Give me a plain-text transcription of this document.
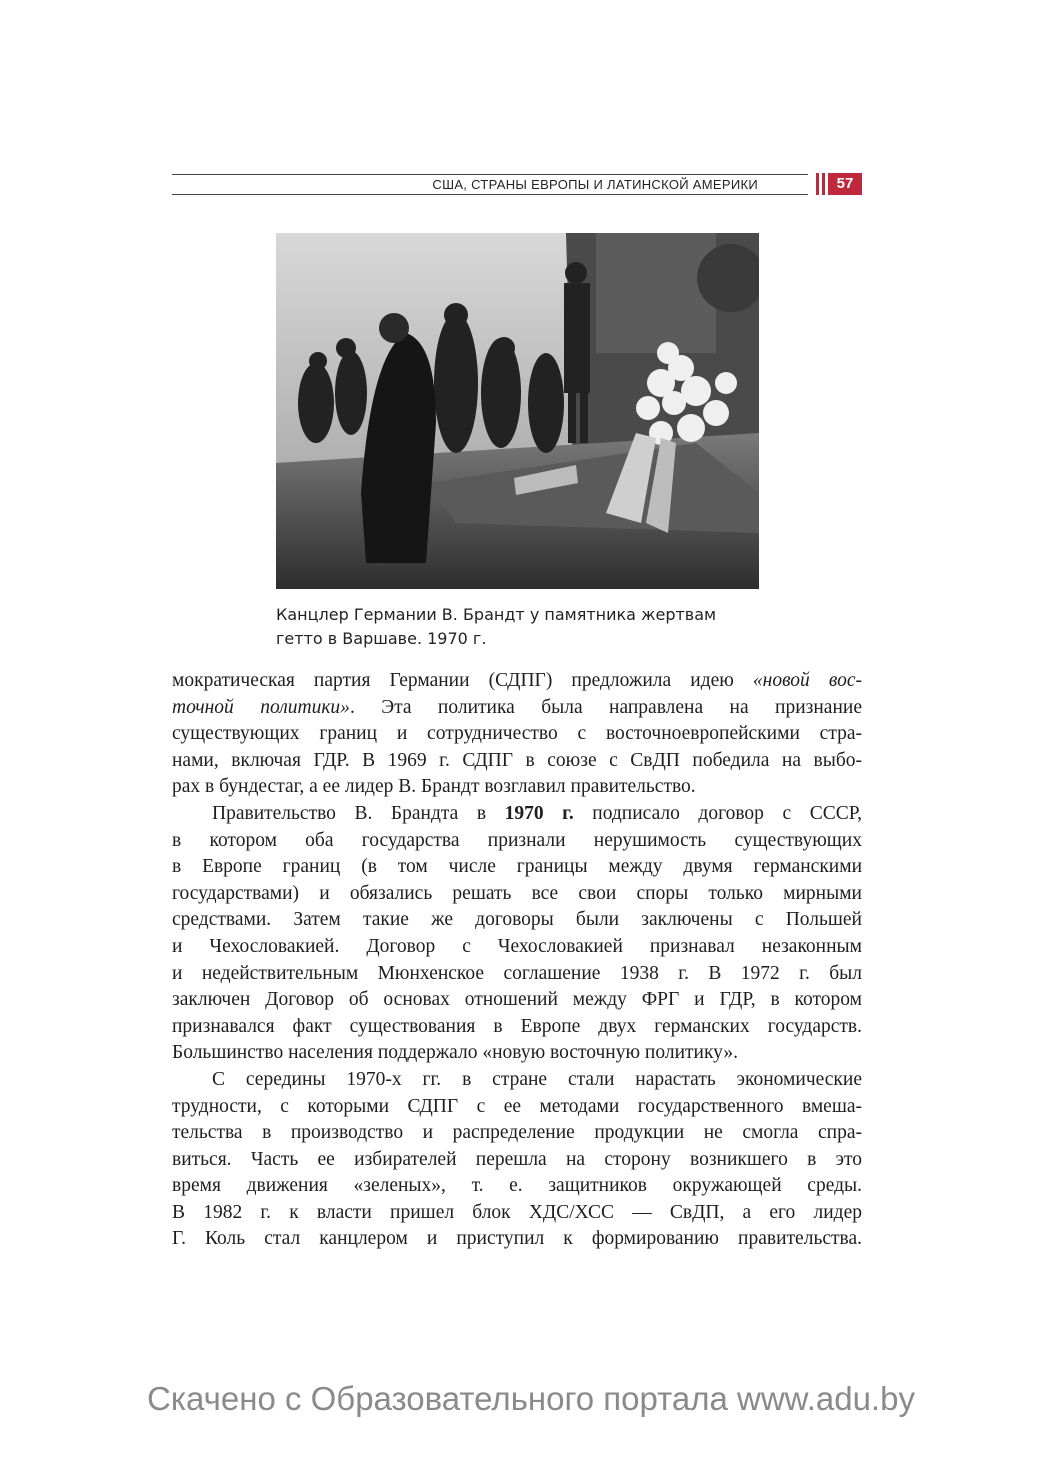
США, СТРАНЫ ЕВРОПЫ И ЛАТИНСКОЙ АМЕРИКИ	57
Канцлер Германии В. Брандт у памятника жертвам
гетто в Варшаве. 1970 г.
мократическая партия Германии (СДПГ) предложила идею «новой вос-
точной политики». Эта политика была направлена на признание
существующих границ и сотрудничество с восточноевропейскими стра-
нами, включая ГДР. В 1969 г. СДПГ в союзе с СвДП победила на выбо-
рах в бундестаг, а ее лидер В. Брандт возглавил правительство.
Правительство В. Брандта в 1970 г. подписало договор с СССР,
в котором оба государства признали нерушимость существующих
в Европе границ (в том числе границы между двумя германскими
государствами) и обязались решать все свои споры только мирными
средствами. Затем такие же договоры были заключены с Польшей
и Чехословакией. Договор с Чехословакией признавал незаконным
и недействительным Мюнхенское соглашение 1938 г. В 1972 г. был
заключен Договор об основах отношений между ФРГ и ГДР, в котором
признавался факт существования в Европе двух германских государств.
Большинство населения поддержало «новую восточную политику».
С середины 1970-х гг. в стране стали нарастать экономические
трудности, с которыми СДПГ с ее методами государственного вмеша-
тельства в производство и распределение продукции не смогла спра-
виться. Часть ее избирателей перешла на сторону возникшего в это
время движения «зеленых», т. е. защитников окружающей среды.
В 1982 г. к власти пришел блок ХДС/ХСС — СвДП, а его лидер
Г. Коль стал канцлером и приступил к формированию правительства.
Скачено с Образовательного портала www.adu.by
